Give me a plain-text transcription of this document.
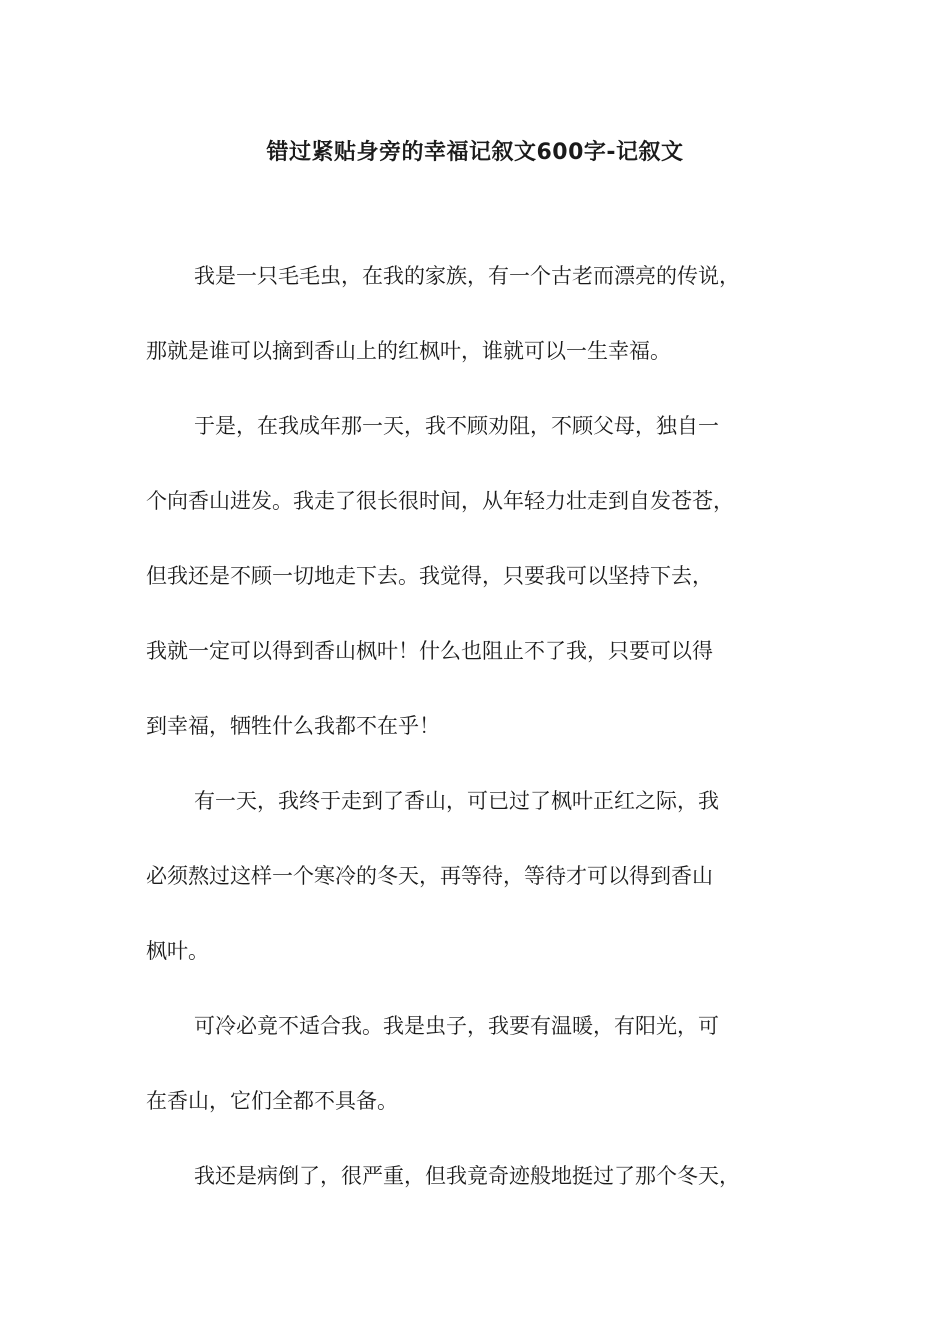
错过紧贴身旁的幸福记叙文600字-记叙文
我是一只毛毛虫，在我的家族，有一个古老而漂亮的传说，
那就是谁可以摘到香山上的红枫叶，谁就可以一生幸福。
于是，在我成年那一天，我不顾劝阻，不顾父母，独自一
个向香山进发。我走了很长很时间，从年轻力壮走到自发苍苍，
但我还是不顾一切地走下去。我觉得，只要我可以坚持下去，
我就一定可以得到香山枫叶！什么也阻止不了我，只要可以得
到幸福，牺牲什么我都不在乎！
有一天，我终于走到了香山，可已过了枫叶正红之际，我
必须熬过这样一个寒冷的冬天，再等待，等待才可以得到香山
枫叶。
可冷必竟不适合我。我是虫子，我要有温暖，有阳光，可
在香山，它们全都不具备。
我还是病倒了，很严重，但我竟奇迹般地挺过了那个冬天，
